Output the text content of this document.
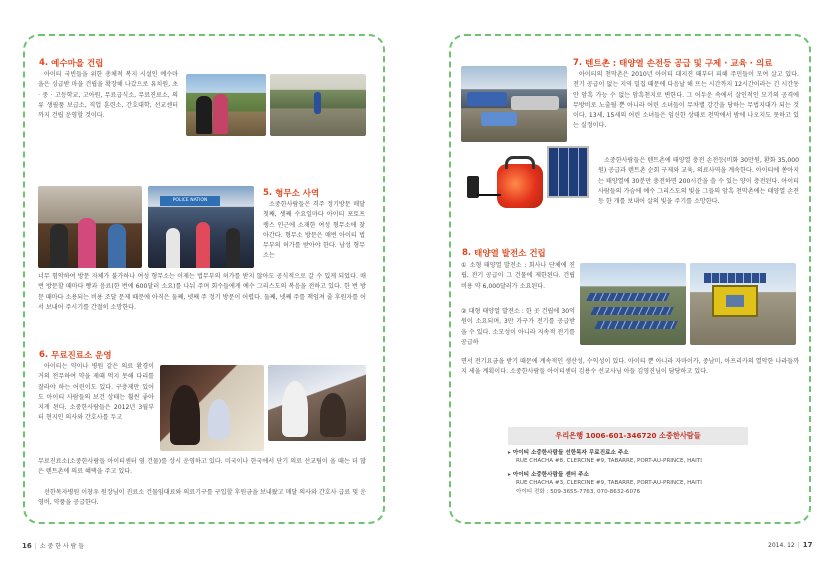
4. 예수마을 건립

아이티 국빈들을 위한 총체적 복지 시설인 예수마을은 싱급받 마을 건립을 확장해 나갔으로 유치원, 초 · 중 · 고등학교, 고아원, 무료급식소, 무료진료소, 의류 생필품 보급소, 직업 훈련소, 간호대학, 선교센터까지 건립 운영할 것이다.

POLICE NATION
5. 형무소 사역

소중한사람들은 격주 정기방문 매달 첫째, 셋째 수요일마다 아이티 포토프랭스 인근에 소재한 여성 형무소에 찾아간다. 형무소 방문은 매번 아이티 법무부의 허가를 받아야 한다. 남성 형무소는

너무 험악하여 방문 자체가 불가하나 여성 형무소는 이제는 법무부의 허가를 받지 않아도 공식적으로 갈 수 있게 되었다. 매번 방문할 때마다 빵과 음료(한 번에 600달러 소요)를 나눠 주며 회수들에게 예수 그리스도의 복음을 전하고 있다. 한 번 방문 때마다 소용되는 비용 조달 문제 때문에 아직은 둘째, 넷째 주 정기 방문이 어렵다. 둘째, 넷째 주를 책임져 줄 후원자를 어서 보내어 주시기를 간절히 소망한다.

6. 무료진료소 운영

아이티는 약이나 병원 같은 의료 환경이 거의 전무하여 약을 제때 먹지 못해 다리를 잘라야 하는 어린이도 있다. 구충제만 있어도 아이티 사람들의 보건 상태는 훨씬 좋아지게 된다. 소중한사람들은 2012년 3월부터 현지인 의사와 간호사를 두고

무료진료소(소중한사람들 아이티센터 옆 건물)를 상시 운영하고 있다. 미국이나 한국에서 단기 의료 선교팀이 올 때는 더 많은 텐트촌에 의료 혜택을 주고 있다.

선한목자병원 이창우 원장님이 진료소 건물임대료와 의료기구를 구입할 후원금을 보내왔고 매달 의사와 간호사 급료 및 운영비, 약품을 공급한다.

16 | 소 중 한 사 람 들
7. 텐트촌 : 태양열 손전등 공급 및 구제 · 교육 · 의료

아이티의 천막촌은 2010년 아이티 대지진 때부터 피해 주민들이 모여 살고 있다. 전기 공급이 없는 지역 밀집 때문에 다음날 해 뜨는 시간까지 12시간이라는 긴 시간동안 암흑 가능 수 없는 암흑천지로 변한다. 그 어두운 속에서 살인적인 모기의 공격에 무방비로 노출될 뿐 아니라 어린 소녀들이 무차별 강간을 당하는 무법지대가 되는 것이다. 13세, 15세의 어린 소녀들은 임신한 상태로 천막에서 밤에 나오지도 못하고 있는 실정이다.

소중한사람들은 텐트촌에 태양열 충전 손전등(비화 30만원, 환화 35,000원) 공급과 텐트촌 순회 구제와 교육, 의료사역을 계속한다. 아이티에 쏟아지는 태양열에 30분만 충전하면 200시간을 쓸 수 있는 양이 충전된다. 아이티 사람들의 가슴에 예수 그리스도의 빛을 그들의 암흑 천막촌에는 태양열 손전등 한 개를 보내어 살의 빛을 주기를 소망한다.

8. 태양열 발전소 건립

① 소형 태양열 발전소 : 회사나 단체에 진립, 전기 공급이 그 건물에 제한된다. 건립비용 약 6,000달러가 소요된다.

② 대형 태양열 발전소 : 한 곳 건립에 30억원이 소요되며, 3만 가구가 전기를 공급받을 수 있다. 소모성이 아니라 지속적 전기를 공급하

면서 전기요금을 받기 때문에 계속적인 생산성, 수익성이 있다. 아이티 뿐 아니라 자마이카, 중남미, 아프리카의 열악한 나라들까지 세울 계획이다. 소중한사람들 아이티센터 김용수 선교사님 아들 김영진님이 담당하고 있다.

우리은행 1006-601-346720 소중한사람들
▸ 아이티 소중한사람들 선한목자 무료진료소 주소
RUE CHACHA #8, CLERCINE #9, TABARRE, PORT-AU-PRINCE, HAITI
▸ 아이티 소중한사람들 센터 주소
RUE CHACHA #3, CLERCINE #9, TABARRE, PORT-AU-PRINCE, HAITI
아이티 전화 : 509-3655-7763, 070-8632-6076
2014. 12 | 17
